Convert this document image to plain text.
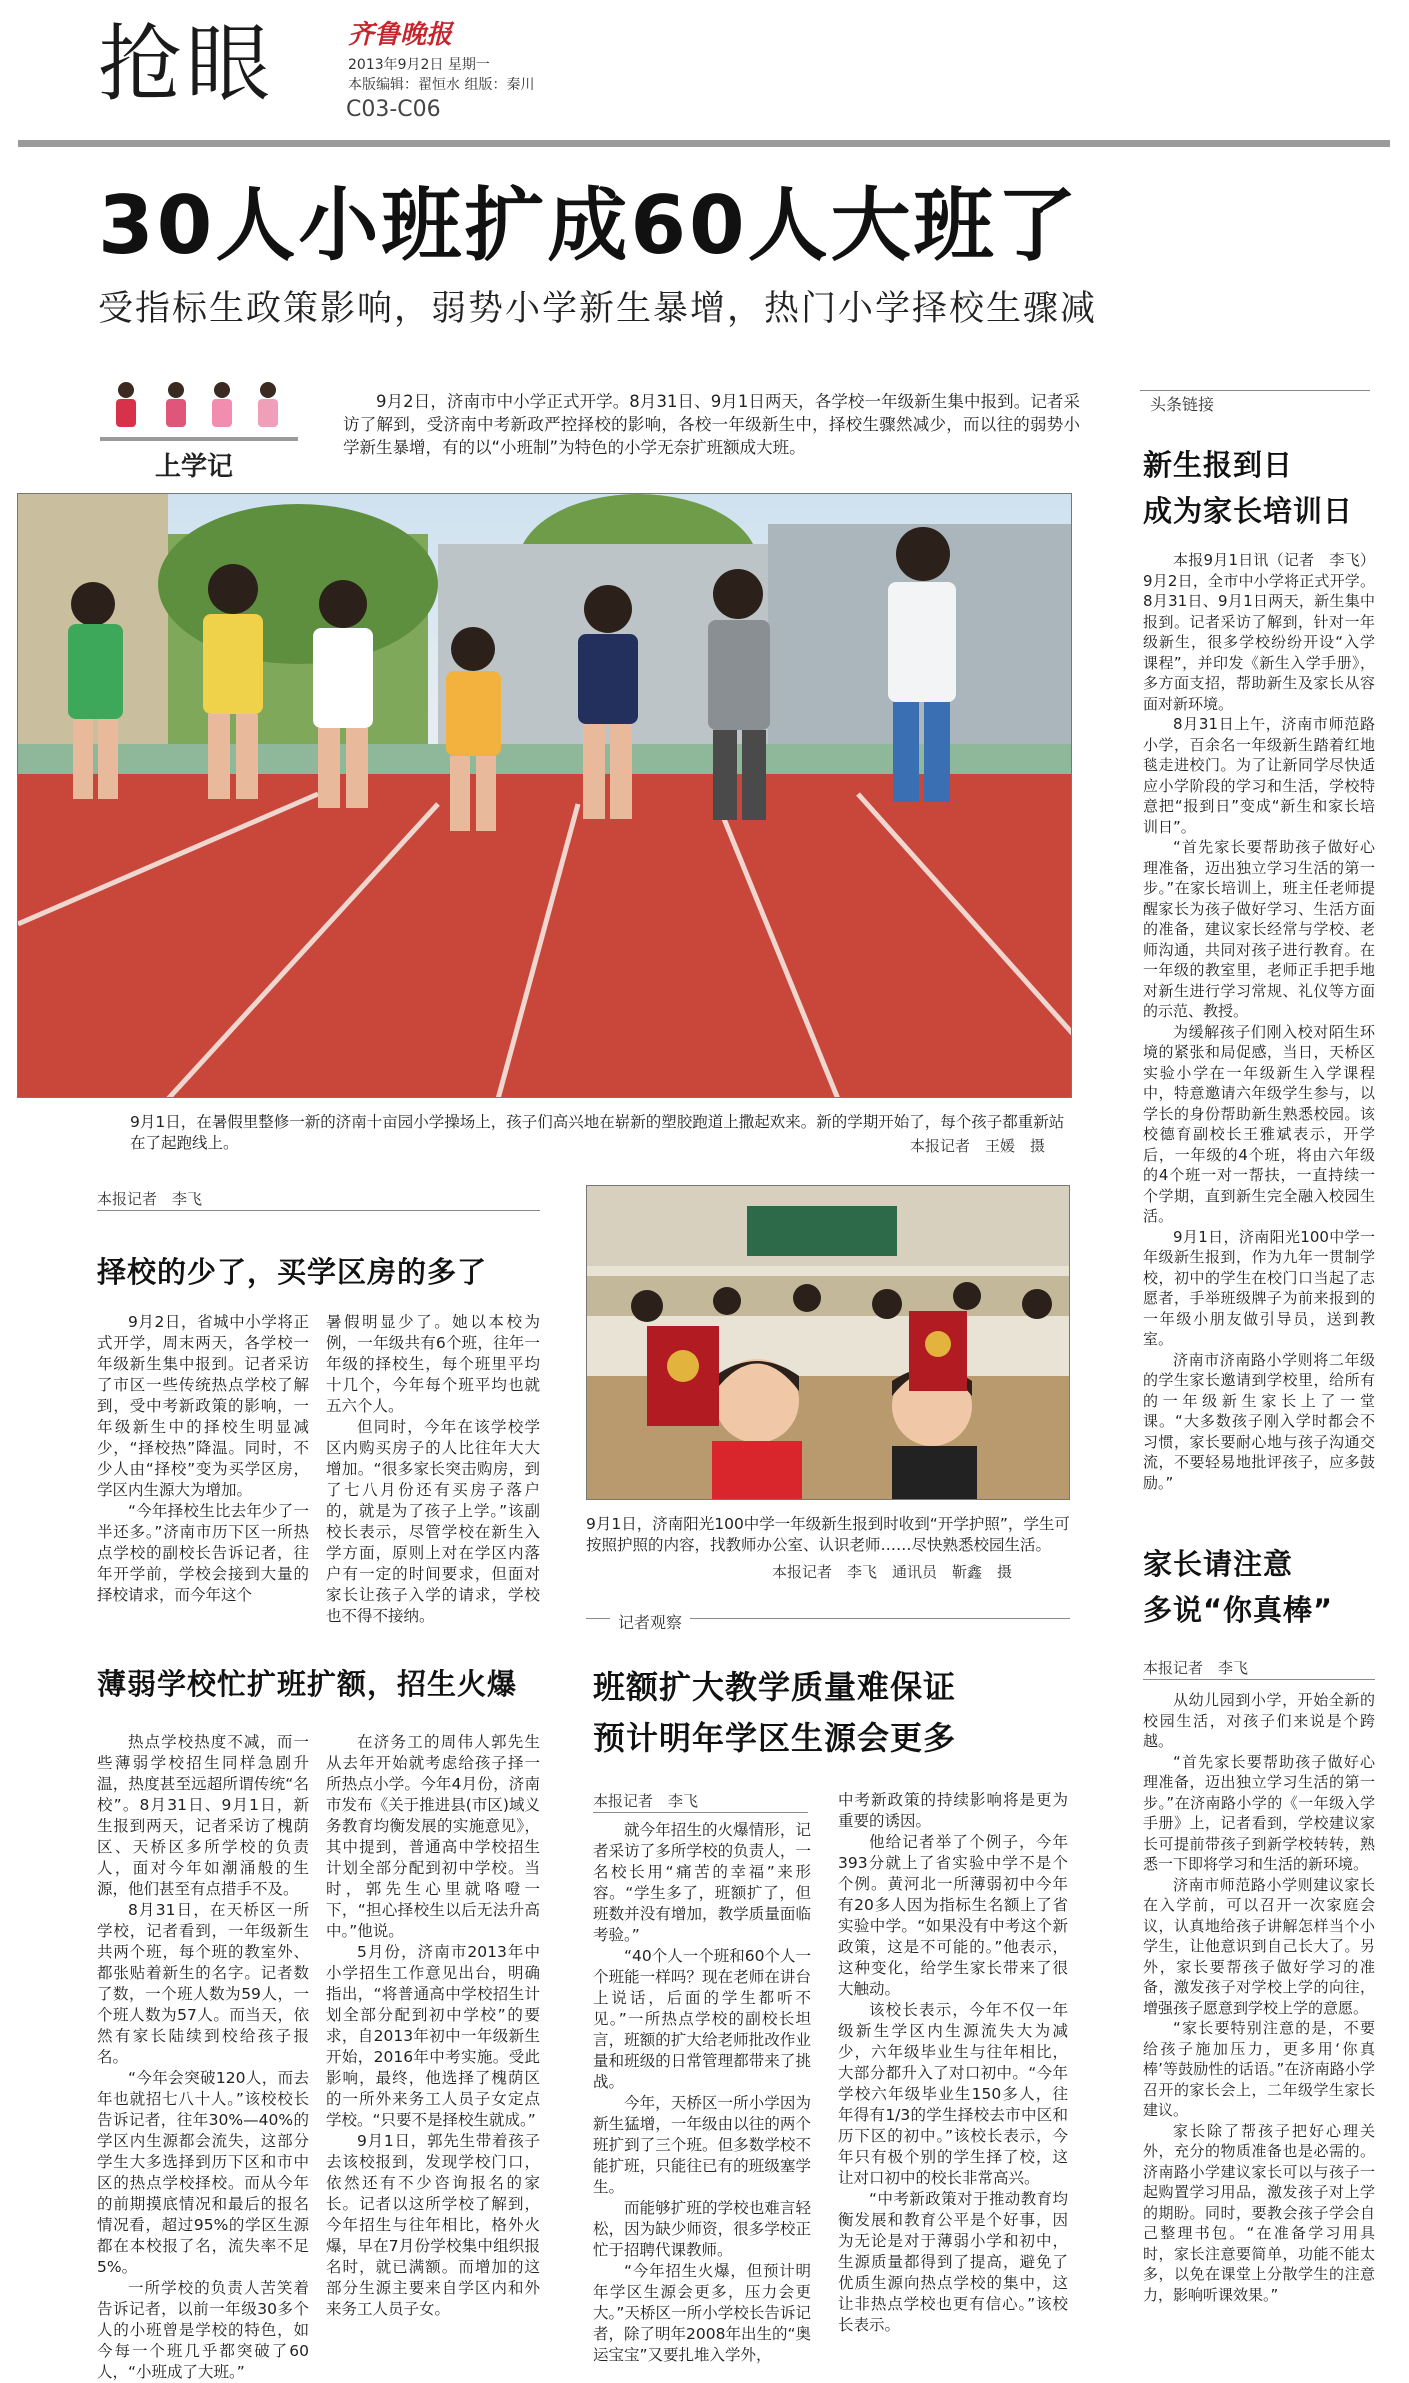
抢眼	齐鲁晚报
2013年9月2日 星期一
本版编辑：翟恒水 组版：秦川
C03-C06
30人小班扩成60人大班了
受指标生政策影响，弱势小学新生暴增，热门小学择校生骤减
上学记
9月2日，济南市中小学正式开学。8月31日、9月1日两天，各学校一年级新生集中报到。记者采访了解到，受济南中考新政严控择校的影响，各校一年级新生中，择校生骤然减少，而以往的弱势小学新生暴增，有的以“小班制”为特色的小学无奈扩班额成大班。
9月1日，在暑假里整修一新的济南十亩园小学操场上，孩子们高兴地在崭新的塑胶跑道上撒起欢来。新的学期开始了，每个孩子都重新站在了起跑线上。	本报记者　王媛　摄
本报记者　李飞
择校的少了，买学区房的多了

9月2日，省城中小学将正式开学，周末两天，各学校一年级新生集中报到。记者采访了市区一些传统热点学校了解到，受中考新政策的影响，一年级新生中的择校生明显减少，“择校热”降温。同时，不少人由“择校”变为买学区房，学区内生源大为增加。

“今年择校生比去年少了一半还多。”济南市历下区一所热点学校的副校长告诉记者，往年开学前，学校会接到大量的择校请求，而今年这个

暑假明显少了。她以本校为例，一年级共有6个班，往年一年级的择校生，每个班里平均十几个，今年每个班平均也就五六个人。

但同时，今年在该学校学区内购买房子的人比往年大大增加。“很多家长突击购房，到了七八月份还有买房子落户的，就是为了孩子上学。”该副校长表示，尽管学校在新生入学方面，原则上对在学区内落户有一定的时间要求，但面对家长让孩子入学的请求，学校也不得不接纳。

9月1日，济南阳光100中学一年级新生报到时收到“开学护照”，学生可按照护照的内容，找教师办公室、认识老师……尽快熟悉校园生活。
本报记者　李飞　通讯员　靳鑫　摄
薄弱学校忙扩班扩额，招生火爆

热点学校热度不减，而一些薄弱学校招生同样急剧升温，热度甚至远超所谓传统“名校”。8月31日、9月1日，新生报到两天，记者采访了槐荫区、天桥区多所学校的负责人，面对今年如潮涌般的生源，他们甚至有点措手不及。

8月31日，在天桥区一所学校，记者看到，一年级新生共两个班，每个班的教室外、都张贴着新生的名字。记者数了数，一个班人数为59人，一个班人数为57人。而当天，依然有家长陆续到校给孩子报名。

“今年会突破120人，而去年也就招七八十人。”该校校长告诉记者，往年30%—40%的学区内生源都会流失，这部分学生大多选择到历下区和市中区的热点学校择校。而从今年的前期摸底情况和最后的报名情况看，超过95%的学区生源都在本校报了名，流失率不足5%。

一所学校的负责人苦笑着告诉记者，以前一年级30多个人的小班曾是学校的特色，如今每一个班几乎都突破了60人，“小班成了大班。”

在济务工的周伟人郭先生从去年开始就考虑给孩子择一所热点小学。今年4月份，济南市发布《关于推进县(市区)域义务教育均衡发展的实施意见》，其中提到，普通高中学校招生计划全部分配到初中学校。当时，郭先生心里就咯噔一下，“担心择校生以后无法升高中。”他说。

5月份，济南市2013年中小学招生工作意见出台，明确指出，“将普通高中学校招生计划全部分配到初中学校”的要求，自2013年初中一年级新生开始，2016年中考实施。受此影响，最终，他选择了槐荫区的一所外来务工人员子女定点学校。“只要不是择校生就成。”

9月1日，郭先生带着孩子去该校报到，发现学校门口，依然还有不少咨询报名的家长。记者以这所学校了解到，今年招生与往年相比，格外火爆，早在7月份学校集中组织报名时，就已满额。而增加的这部分生源主要来自学区内和外来务工人员子女。

记者观察
班额扩大教学质量难保证
预计明年学区生源会更多
本报记者　李飞

就今年招生的火爆情形，记者采访了多所学校的负责人，一名校长用“痛苦的幸福”来形容。“学生多了，班额扩了，但班数并没有增加，教学质量面临考验。”

“40个人一个班和60个人一个班能一样吗？现在老师在讲台上说话，后面的学生都听不见。”一所热点学校的副校长坦言，班额的扩大给老师批改作业量和班级的日常管理都带来了挑战。

今年，天桥区一所小学因为新生猛增，一年级由以往的两个班扩到了三个班。但多数学校不能扩班，只能往已有的班级塞学生。

而能够扩班的学校也难言轻松，因为缺少师资，很多学校正忙于招聘代课教师。

“今年招生火爆，但预计明年学区生源会更多，压力会更大。”天桥区一所小学校长告诉记者，除了明年2008年出生的“奥运宝宝”又要扎堆入学外，

中考新政策的持续影响将是更为重要的诱因。

他给记者举了个例子，今年393分就上了省实验中学不是个个例。黄河北一所薄弱初中今年有20多人因为指标生名额上了省实验中学。“如果没有中考这个新政策，这是不可能的。”他表示，这种变化，给学生家长带来了很大触动。

该校长表示，今年不仅一年级新生学区内生源流失大为减少，六年级毕业生与往年相比，大部分都升入了对口初中。“今年学校六年级毕业生150多人，往年得有1/3的学生择校去市中区和历下区的初中。”该校长表示，今年只有极个别的学生择了校，这让对口初中的校长非常高兴。

“中考新政策对于推动教育均衡发展和教育公平是个好事，因为无论是对于薄弱小学和初中，生源质量都得到了提高，避免了优质生源向热点学校的集中，这让非热点学校也更有信心。”该校长表示。

头条链接
新生报到日
成为家长培训日

本报9月1日讯（记者　李飞）9月2日，全市中小学将正式开学。8月31日、9月1日两天，新生集中报到。记者采访了解到，针对一年级新生，很多学校纷纷开设“入学课程”，并印发《新生入学手册》，多方面支招，帮助新生及家长从容面对新环境。

8月31日上午，济南市师范路小学，百余名一年级新生踏着红地毯走进校门。为了让新同学尽快适应小学阶段的学习和生活，学校特意把“报到日”变成“新生和家长培训日”。

“首先家长要帮助孩子做好心理准备，迈出独立学习生活的第一步。”在家长培训上，班主任老师提醒家长为孩子做好学习、生活方面的准备，建议家长经常与学校、老师沟通，共同对孩子进行教育。在一年级的教室里，老师正手把手地对新生进行学习常规、礼仪等方面的示范、教授。

为缓解孩子们刚入校对陌生环境的紧张和局促感，当日，天桥区实验小学在一年级新生入学课程中，特意邀请六年级学生参与，以学长的身份帮助新生熟悉校园。该校德育副校长王雅斌表示，开学后，一年级的4个班，将由六年级的4个班一对一帮扶，一直持续一个学期，直到新生完全融入校园生活。

9月1日，济南阳光100中学一年级新生报到，作为九年一贯制学校，初中的学生在校门口当起了志愿者，手举班级牌子为前来报到的一年级小朋友做引导员，送到教室。

济南市济南路小学则将二年级的学生家长邀请到学校里，给所有的一年级新生家长上了一堂课。“大多数孩子刚入学时都会不习惯，家长要耐心地与孩子沟通交流，不要轻易地批评孩子，应多鼓励。”

家长请注意
多说“你真棒”
本报记者　李飞

从幼儿园到小学，开始全新的校园生活，对孩子们来说是个跨越。

“首先家长要帮助孩子做好心理准备，迈出独立学习生活的第一步。”在济南路小学的《一年级入学手册》上，记者看到，学校建议家长可提前带孩子到新学校转转，熟悉一下即将学习和生活的新环境。

济南市师范路小学则建议家长在入学前，可以召开一次家庭会议，认真地给孩子讲解怎样当个小学生，让他意识到自己长大了。另外，家长要帮孩子做好学习的准备，激发孩子对学校上学的向往，增强孩子愿意到学校上学的意愿。

“家长要特别注意的是，不要给孩子施加压力，更多用‘你真棒’等鼓励性的话语。”在济南路小学召开的家长会上，二年级学生家长建议。

家长除了帮孩子把好心理关外，充分的物质准备也是必需的。济南路小学建议家长可以与孩子一起购置学习用品，激发孩子对上学的期盼。同时，要教会孩子学会自己整理书包。“在准备学习用具时，家长注意要简单，功能不能太多，以免在课堂上分散学生的注意力，影响听课效果。”
